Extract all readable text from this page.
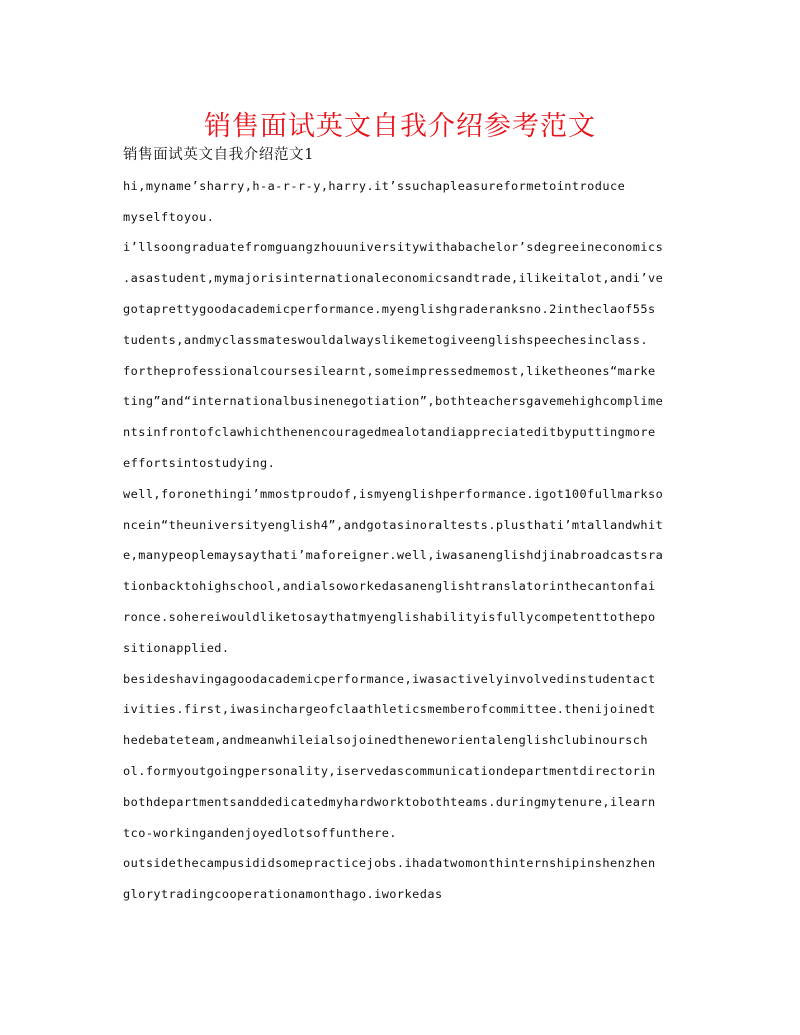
销售面试英文自我介绍参考范文
销售面试英文自我介绍范文1
hi,myname’sharry,h-a-r-r-y,harry.it’ssuchapleasureformetointroduce
myselftoyou.
i’llsoongraduatefromguangzhouuniversitywithabachelor’sdegreeineconomics
.asastudent,mymajorisinternationaleconomicsandtrade,ilikeitalot,andi’ve
gotaprettygoodacademicperformance.myenglishgraderanksno.2intheclaof55s
tudents,andmyclassmateswouldalwayslikemetogiveenglishspeechesinclass.
fortheprofessionalcoursesilearnt,someimpressedmemost,liketheones“marke
ting”and“internationalbusinenegotiation”,bothteachersgavemehighcomplime
ntsinfrontofclawhichthenencouragedmealotandiappreciateditbyputtingmore
effortsintostudying.
well,foronethingi’mmostproudof,ismyenglishperformance.igot100fullmarkso
ncein“theuniversityenglish4”,andgotasinoraltests.plusthati’mtallandwhit
e,manypeoplemaysaythati’maforeigner.well,iwasanenglishdjinabroadcastsra
tionbacktohighschool,andialsoworkedasanenglishtranslatorinthecantonfai
ronce.sohereiwouldliketosaythatmyenglishabilityisfullycompetenttothepo
sitionapplied.
besideshavingagoodacademicperformance,iwasactivelyinvolvedinstudentact
ivities.first,iwasinchargeofclaathleticsmemberofcommittee.thenijoinedt
hedebateteam,andmeanwhileialsojoinedtheneworientalenglishclubinoursch
ol.formyoutgoingpersonality,iservedascommunicationdepartmentdirectorin
bothdepartmentsanddedicatedmyhardworktobothteams.duringmytenure,ilearn
tco-workingandenjoyedlotsoffunthere.
outsidethecampusididsomepracticejobs.ihadatwomonthinternshipinshenzhen
glorytradingcooperationamonthago.iworkedas
